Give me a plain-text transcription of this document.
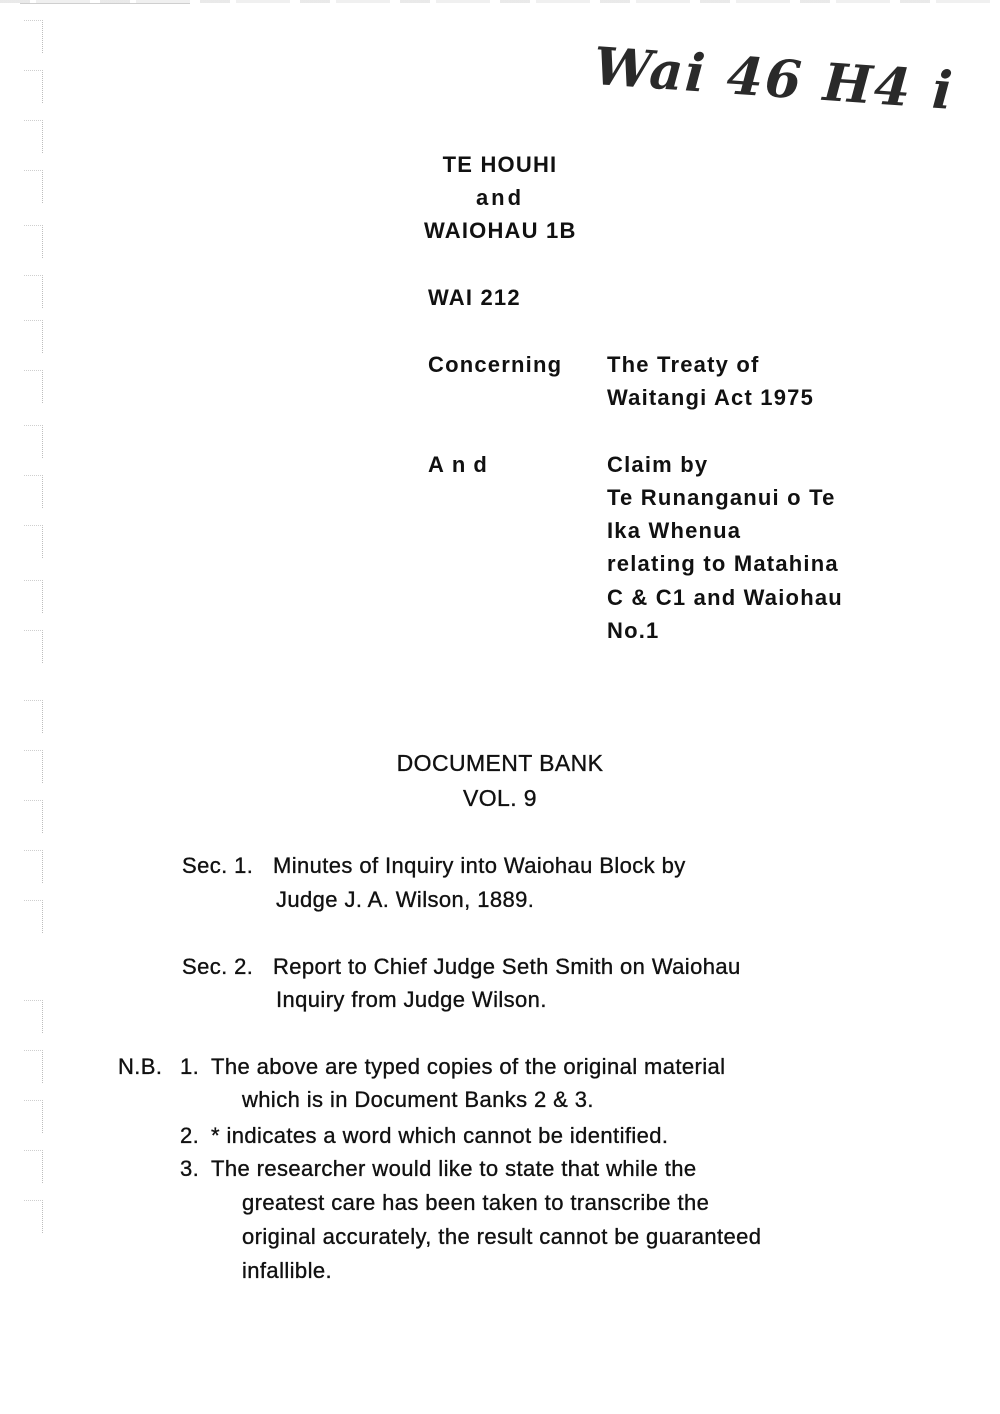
Wai 46 H4 i
TE HOUHI
and
WAIOHAU 1B
WAI 212
Concerning The Treaty of
Waitangi Act 1975
And	Claim by
Te Runanganui o Te
Ika Whenua
relating to Matahina
C & C1 and Waiohau
No.1
DOCUMENT BANK
VOL. 9
Sec. 1. Minutes of Inquiry into Waiohau Block by
Judge J. A. Wilson, 1889.
Sec. 2. Report to Chief Judge Seth Smith on Waiohau
Inquiry from Judge Wilson.
N.B. 1. The above are typed copies of the original material
which is in Document Banks 2 & 3.
2. * indicates a word which cannot be identified.
3. The researcher would like to state that while the
greatest care has been taken to transcribe the
original accurately, the result cannot be guaranteed
infallible.
